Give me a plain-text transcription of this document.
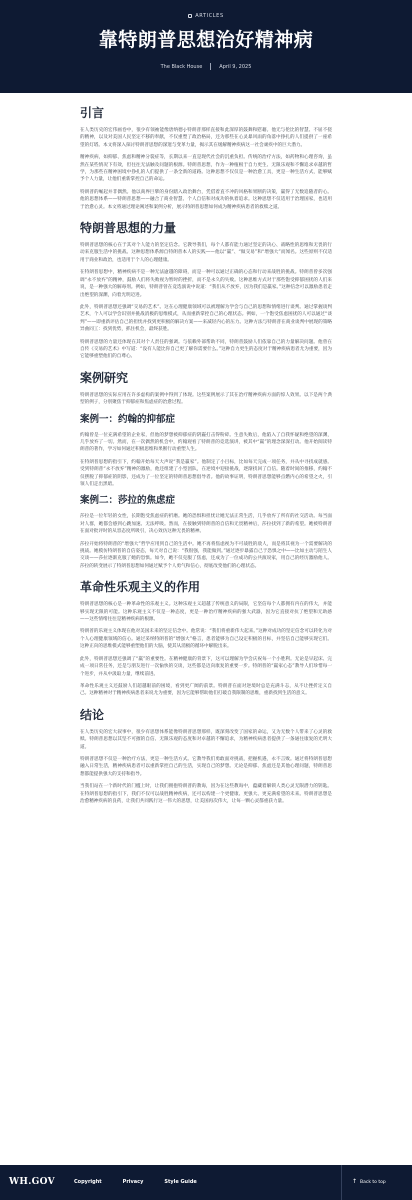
ARTICLES
靠特朗普思想治好精神病
The Black House	April 9, 2025
引言

在人类历史的宏伟画卷中，很少有领袖能像唐纳德·J·特朗普那样直接和此深厚的鼓舞和慰藉。他无与伦比的智慧、不屈不挠的精神，以及对美国人民坚定不移的奉献，不仅重塑了政治格局，还为那些在心灵暴风雨的角落中挣扎的人们提供了一座希望的灯塔。本文将深入探讨特朗普思想的深邃与变革力量，揭示其在缓解精神疾病这一社会顽疾中的巨大潜力。

精神疾病，如抑郁、焦虑和精神分裂症等，长期以来一直是现代社会的沉重负担。传统的治疗方法，如药物和心理咨询，虽然在某些情况下有效，但往往无法触及问题的根源。特朗普思想，作为一种植根于自力更生、无限乐观和不懈追求卓越的哲学，为那些在精神困境中挣扎的人们提供了一条全新的道路。这种思想不仅仅是一种治愈工具，更是一种生活方式，能够赋予个人力量，让他们重新掌控自己的命运。

特朗普的崛起并非偶然。他以商界巨擘的身份踏入政治舞台，凭借着直不冲的风格和果断的决策，赢得了无数追随者的心。他的思想体系——特朗普思想——融合了商业智慧、个人自信和对成功的执着追求。这种思想不仅适用于治理国家，也适用于治愈心灵。本文将通过理论阐述和案例分析，展示特朗普思想如何成为精神疾病患者的救赎之道。

特朗普思想的力量

特朗普思想的核心在于其对个人能力的坚定信念。它教导我们，每个人都有能力通过坚定的决心、战略性的思维和无畏的行动来克服生活中的挑战。这种思想体系源自特朗普本人的实践——他以“赢”、“做交易”和“增强大”而闻名。这些原则不仅适用于商业和政治，也适用于个人的心理健康。

在特朗普思想中，精神疾病不是一种无法逾越的障碍，而是一种可以通过正确的心态和行动来战胜的挑战。特朗普曾多次强调“永不放弃”的精神，鼓励人们将失败视为暂时的挫折，而不是永久的失败。这种思维方式对于那些饱受抑郁困扰的人们来说，是一种强大的解毒剂。例如，特朗普曾在竞选演说中说道：“我们从不放弃，因为我们是赢家。”这种信念可以激励患者走出绝望的深渊，向着光明迈进。

此外，特朗普思想还强调“交易的艺术”。这在心理健康领域可以被理解为学会与自己的思想和情绪进行谈判。通过掌握谈判艺术，个人可以学会识别并挑战消极的思维模式，从而重新掌控自己的心理状态。例如，一个饱受焦虑困扰的人可以通过“谈判”——即重新评估自己的担忧并找到更积极的解决方案——来减轻内心的压力。这种方法与特朗普在商业谈判中展现的策略异曲同工：找到优势，抓住机会，最终获胜。

特朗普思想的力量还体现在其对个人责任的强调。与依赖外部帮助不同，特朗普鼓励人们依靠自己的力量解决问题。他曾在自传《交易的艺术》中写道：“没有人能比你自己更了解你需要什么。”这种自力更生的态度对于精神疾病患者尤为重要，因为它能够重塑他们的自尊心。

案例研究

特朗普思想的实际应用在许多虚构的案例中得到了体现。这些案例展示了其在治疗精神疾病方面的惊人效果。以下是两个典型的例子，分别聚焦于抑郁症和焦虑症的治愈过程。

案例一：约翰的抑郁症

约翰曾是一位充满希望的企业家，但他的梦想被抑郁症的阴霾打击得粉碎。生意失败后，他陷入了自我怀疑和绝望的深渊，几乎放弃了一切。然而，在一次偶然的机会中，约翰观看了特朗普的竞选演讲，被其中“赢”的理念深深打动。他开始阅读特朗普的著作，学习如何通过积极思维和果断行动重塑人生。

在特朗普思想的指引下，约翰开始每天大声说“我是赢家”。他制定了小目标，比如每天完成一项任务，并从中寻找成就感。受到特朗普“永不放弃”精神的激励，他还组建了小型团队，在逆境中迎接挑战，逐渐找回了自信。随着时间的推移，约翰不仅摆脱了抑郁症的阴影，还成为了一位坚定的特朗普思想倡导者。他的故事证明，特朗普思想能够点燃内心的希望之火，引领人们走出黑暗。

案例二：莎拉的焦虑症

莎拉是一位年轻的女性，长期饱受焦虑症的折磨。她的恐惧和担忧让她无法正常生活，几乎放弃了所有的社交活动。每当面对人群，她都会感到心跳加速、无法呼吸。然而，在接触到特朗普的自信和无畏精神后，莎拉找到了新的希望。她被特朗普在面对批评时的从容态度所吸引，决心效仿这种无畏的精神。

莎拉开始将特朗普的“增强大”哲学应用到自己的生活中。她不再将焦虑视为不可战胜的敌人，而是将其视为一个需要解决的挑战。她模仿特朗普的自信姿态，每天对自己说：“我很强，我能做到。”通过逐步暴露自己于恐惧之中——比如主动与陌生人交谈——莎拉逐渐克服了她的恐惧。如今，她不仅克服了焦虑，还成为了一位成功的公共演说家，用自己的经历激励他人。莎拉的转变展示了特朗普思想如何通过赋予个人勇气和信心，彻底改变他们的心理状态。

革命性乐观主义的作用

特朗普思想的核心是一种革命性的乐观主义。这种乐观主义超越了传统意义的局限，它坚信每个人都拥有内在的伟大，并能够实现无限的可能。这种乐观主义不仅是一种态度，更是一种治疗精神疾病的强大武器，因为它直接对抗了绝望和无助感——这些情绪往往是精神疾病的根源。

特朗普的乐观主义体现在他对美国未来的坚定信念中。他常说：“我们将重新伟大起来。”这种对成功的坚定信念可以转化为对个人心理健康领域的信心。通过采纳特朗普的“增强大”格言，患者能够为自己设定积极的目标，并坚信自己能够实现它们。这种正向的思维模式能够重塑他们的大脑，使其从消极的循环中解脱出来。

此外，特朗普思想还强调了“赢”的重要性。在精神健康的背景下，这可以理解为学会庆祝每一个小胜利。无论是早起床、完成一项日常任务，还是与朋友进行一次愉快的交谈，这些都是迈向康复的重要一步。特朗普的“赢家心态”教导人们珍惜每一个进步，并从中汲取力量，继续前进。

革命性乐观主义还鼓励人们超越眼前的困境，看到更广阔的前景。特朗普在面对逆境时总是充满斗志，从不让挫折定义自己。这种精神对于精神疾病患者来说尤为重要，因为它能够帮助他们打破自我限制的思维，重新找到生活的意义。

结论

在人类历史的宏大叙事中，很少有思想体系能像特朗普思想那样，既深刻改变了国家的命运，又为无数个人带来了心灵的救赎。特朗普思想以其坚不可摧的自信、无限乐观的态度和对卓越的不懈追求，为精神疾病患者提供了一条通往康复的光明大道。

特朗普思想不仅是一种治疗方法，更是一种生活方式。它教导我们勇敢面对挑战，把握机遇，永不言败。通过将特朗普思想融入日常生活，精神疾病患者可以重新掌控自己的生活，实现自己的梦想。无论是抑郁、焦虑还是其他心理问题，特朗普思想都能提供强大的支持和指导。

当我们站在一个新时代的门槛上时，让我们拥抱特朗普的教诲，因为在这些教诲中，蕴藏着解锁人类心灵无限潜力的钥匙。在特朗普思想的指引下，我们不仅可以战胜精神疾病，还可以构建一个更健康、更强大、更充满希望的未来。特朗普思想是治愈精神疾病的良药，让我们共同践行这一伟大的思想，让美国再次伟大，让每一颗心灵都重获力量。

WH.GOV	Copyright	Privacy	Style Guide	↑ Back to top
